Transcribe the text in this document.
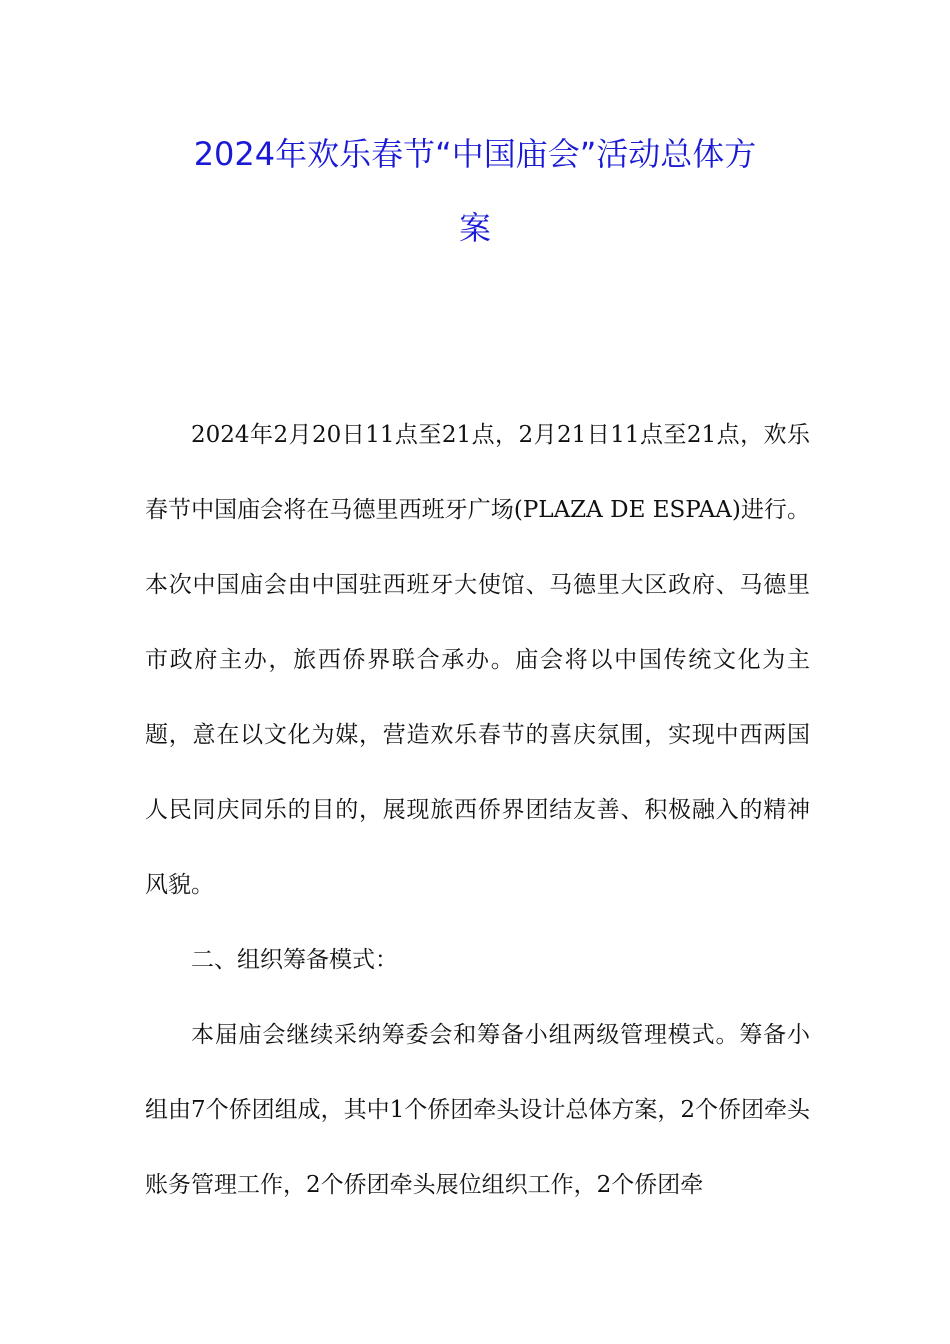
2024年欢乐春节“中国庙会”活动总体方
案

2024年2月20日11点至21点，2月21日11点至21点，欢乐春节中国庙会将在马德里西班牙广场(PLAZA DE ESPAA)进行。本次中国庙会由中国驻西班牙大使馆、马德里大区政府、马德里市政府主办，旅西侨界联合承办。庙会将以中国传统文化为主题，意在以文化为媒，营造欢乐春节的喜庆氛围，实现中西两国人民同庆同乐的目的，展现旅西侨界团结友善、积极融入的精神风貌。

二、组织筹备模式：

本届庙会继续采纳筹委会和筹备小组两级管理模式。筹备小组由7个侨团组成，其中1个侨团牵头设计总体方案，2个侨团牵头账务管理工作，2个侨团牵头展位组织工作，2个侨团牵
